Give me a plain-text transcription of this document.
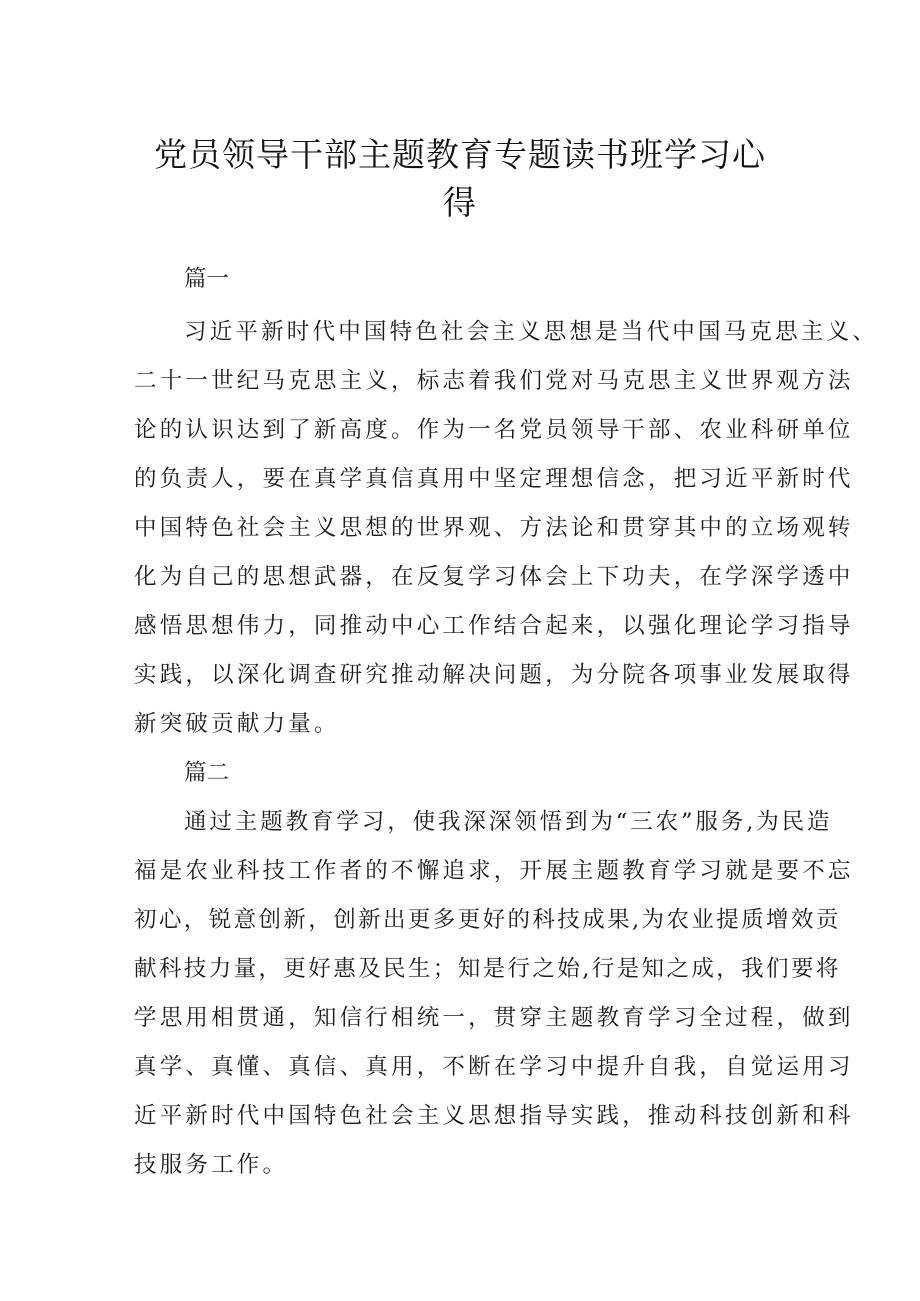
党员领导干部主题教育专题读书班学习心
得
篇一
习近平新时代中国特色社会主义思想是当代中国马克思主义、
二十一世纪马克思主义，标志着我们党对马克思主义世界观方法
论的认识达到了新高度。作为一名党员领导干部、农业科研单位
的负责人，要在真学真信真用中坚定理想信念，把习近平新时代
中国特色社会主义思想的世界观、方法论和贯穿其中的立场观转
化为自己的思想武器，在反复学习体会上下功夫，在学深学透中
感悟思想伟力，同推动中心工作结合起来，以强化理论学习指导
实践，以深化调查研究推动解决问题，为分院各项事业发展取得
新突破贡献力量。
篇二
通过主题教育学习，使我深深领悟到为“三农”服务,为民造
福是农业科技工作者的不懈追求，开展主题教育学习就是要不忘
初心，锐意创新，创新出更多更好的科技成果,为农业提质增效贡
献科技力量，更好惠及民生；知是行之始,行是知之成，我们要将
学思用相贯通，知信行相统一，贯穿主题教育学习全过程，做到
真学、真懂、真信、真用，不断在学习中提升自我，自觉运用习
近平新时代中国特色社会主义思想指导实践，推动科技创新和科
技服务工作。
